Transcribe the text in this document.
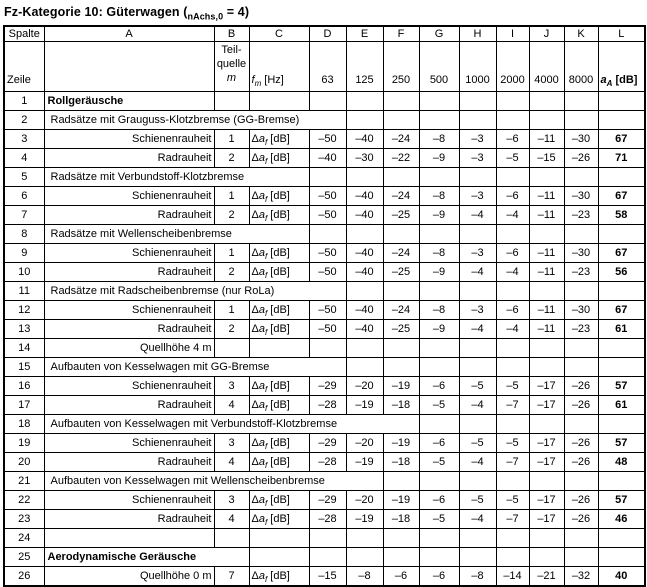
Fz-Kategorie 10: Güterwagen $(_{nAchs,0} = 4)$
Spalte	A	B	C	D	E	F	G	H	I	J	K	L
Zeile		Teil-
quelle
m	$f_m$ [Hz]	63	125	250	500	1000	2000	4000	8000	$a_A$ [dB]
1	Rollgeräusche											
2	Radsätze mit Grauguss-Klotzbremse (GG-Bremse)											
3	Schienenrauheit	1	$\Delta a_f$ [dB]	–50	–40	–24	–8	–3	–6	–11	–30	67
4	Radrauheit	2	$\Delta a_f$ [dB]	–40	–30	–22	–9	–3	–5	–15	–26	71
5	Radsätze mit Verbundstoff-Klotzbremse											
6	Schienenrauheit	1	$\Delta a_f$ [dB]	–50	–40	–24	–8	–3	–6	–11	–30	67
7	Radrauheit	2	$\Delta a_f$ [dB]	–50	–40	–25	–9	–4	–4	–11	–23	58
8	Radsätze mit Wellenscheibenbremse											
9	Schienenrauheit	1	$\Delta a_f$ [dB]	–50	–40	–24	–8	–3	–6	–11	–30	67
10	Radrauheit	2	$\Delta a_f$ [dB]	–50	–40	–25	–9	–4	–4	–11	–23	56
11	Radsätze mit Radscheibenbremse (nur RoLa)											
12	Schienenrauheit	1	$\Delta a_f$ [dB]	–50	–40	–24	–8	–3	–6	–11	–30	67
13	Radrauheit	2	$\Delta a_f$ [dB]	–50	–40	–25	–9	–4	–4	–11	–23	61
14	Quellhöhe 4 m											
15	Aufbauten von Kesselwagen mit GG-Bremse											
16	Schienenrauheit	3	$\Delta a_f$ [dB]	–29	–20	–19	–6	–5	–5	–17	–26	57
17	Radrauheit	4	$\Delta a_f$ [dB]	–28	–19	–18	–5	–4	–7	–17	–26	61
18	Aufbauten von Kesselwagen mit Verbundstoff-Klotzbremse											
19	Schienenrauheit	3	$\Delta a_f$ [dB]	–29	–20	–19	–6	–5	–5	–17	–26	57
20	Radrauheit	4	$\Delta a_f$ [dB]	–28	–19	–18	–5	–4	–7	–17	–26	48
21	Aufbauten von Kesselwagen mit Wellenscheibenbremse											
22	Schienenrauheit	3	$\Delta a_f$ [dB]	–29	–20	–19	–6	–5	–5	–17	–26	57
23	Radrauheit	4	$\Delta a_f$ [dB]	–28	–19	–18	–5	–4	–7	–17	–26	46
24												
25	Aerodynamische Geräusche											
26	Quellhöhe 0 m	7	$\Delta a_f$ [dB]	–15	–8	–6	–6	–8	–14	–21	–32	40
